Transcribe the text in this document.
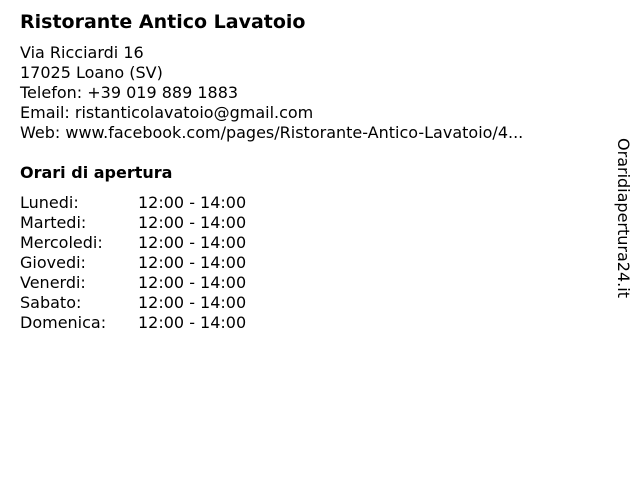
Ristorante Antico Lavatoio
Via Ricciardi 16
17025 Loano (SV)
Telefon: +39 019 889 1883
Email: ristanticolavatoio@gmail.com
Web: www.facebook.com/pages/Ristorante-Antico-Lavatoio/4...
Orari di apertura
Lunedi:	12:00 - 14:00
Martedi:	12:00 - 14:00
Mercoledi: 12:00 - 14:00
Giovedi:	12:00 - 14:00
Venerdi:	12:00 - 14:00
Sabato:	12:00 - 14:00
Domenica: 12:00 - 14:00
Oraridiapertura24.it
